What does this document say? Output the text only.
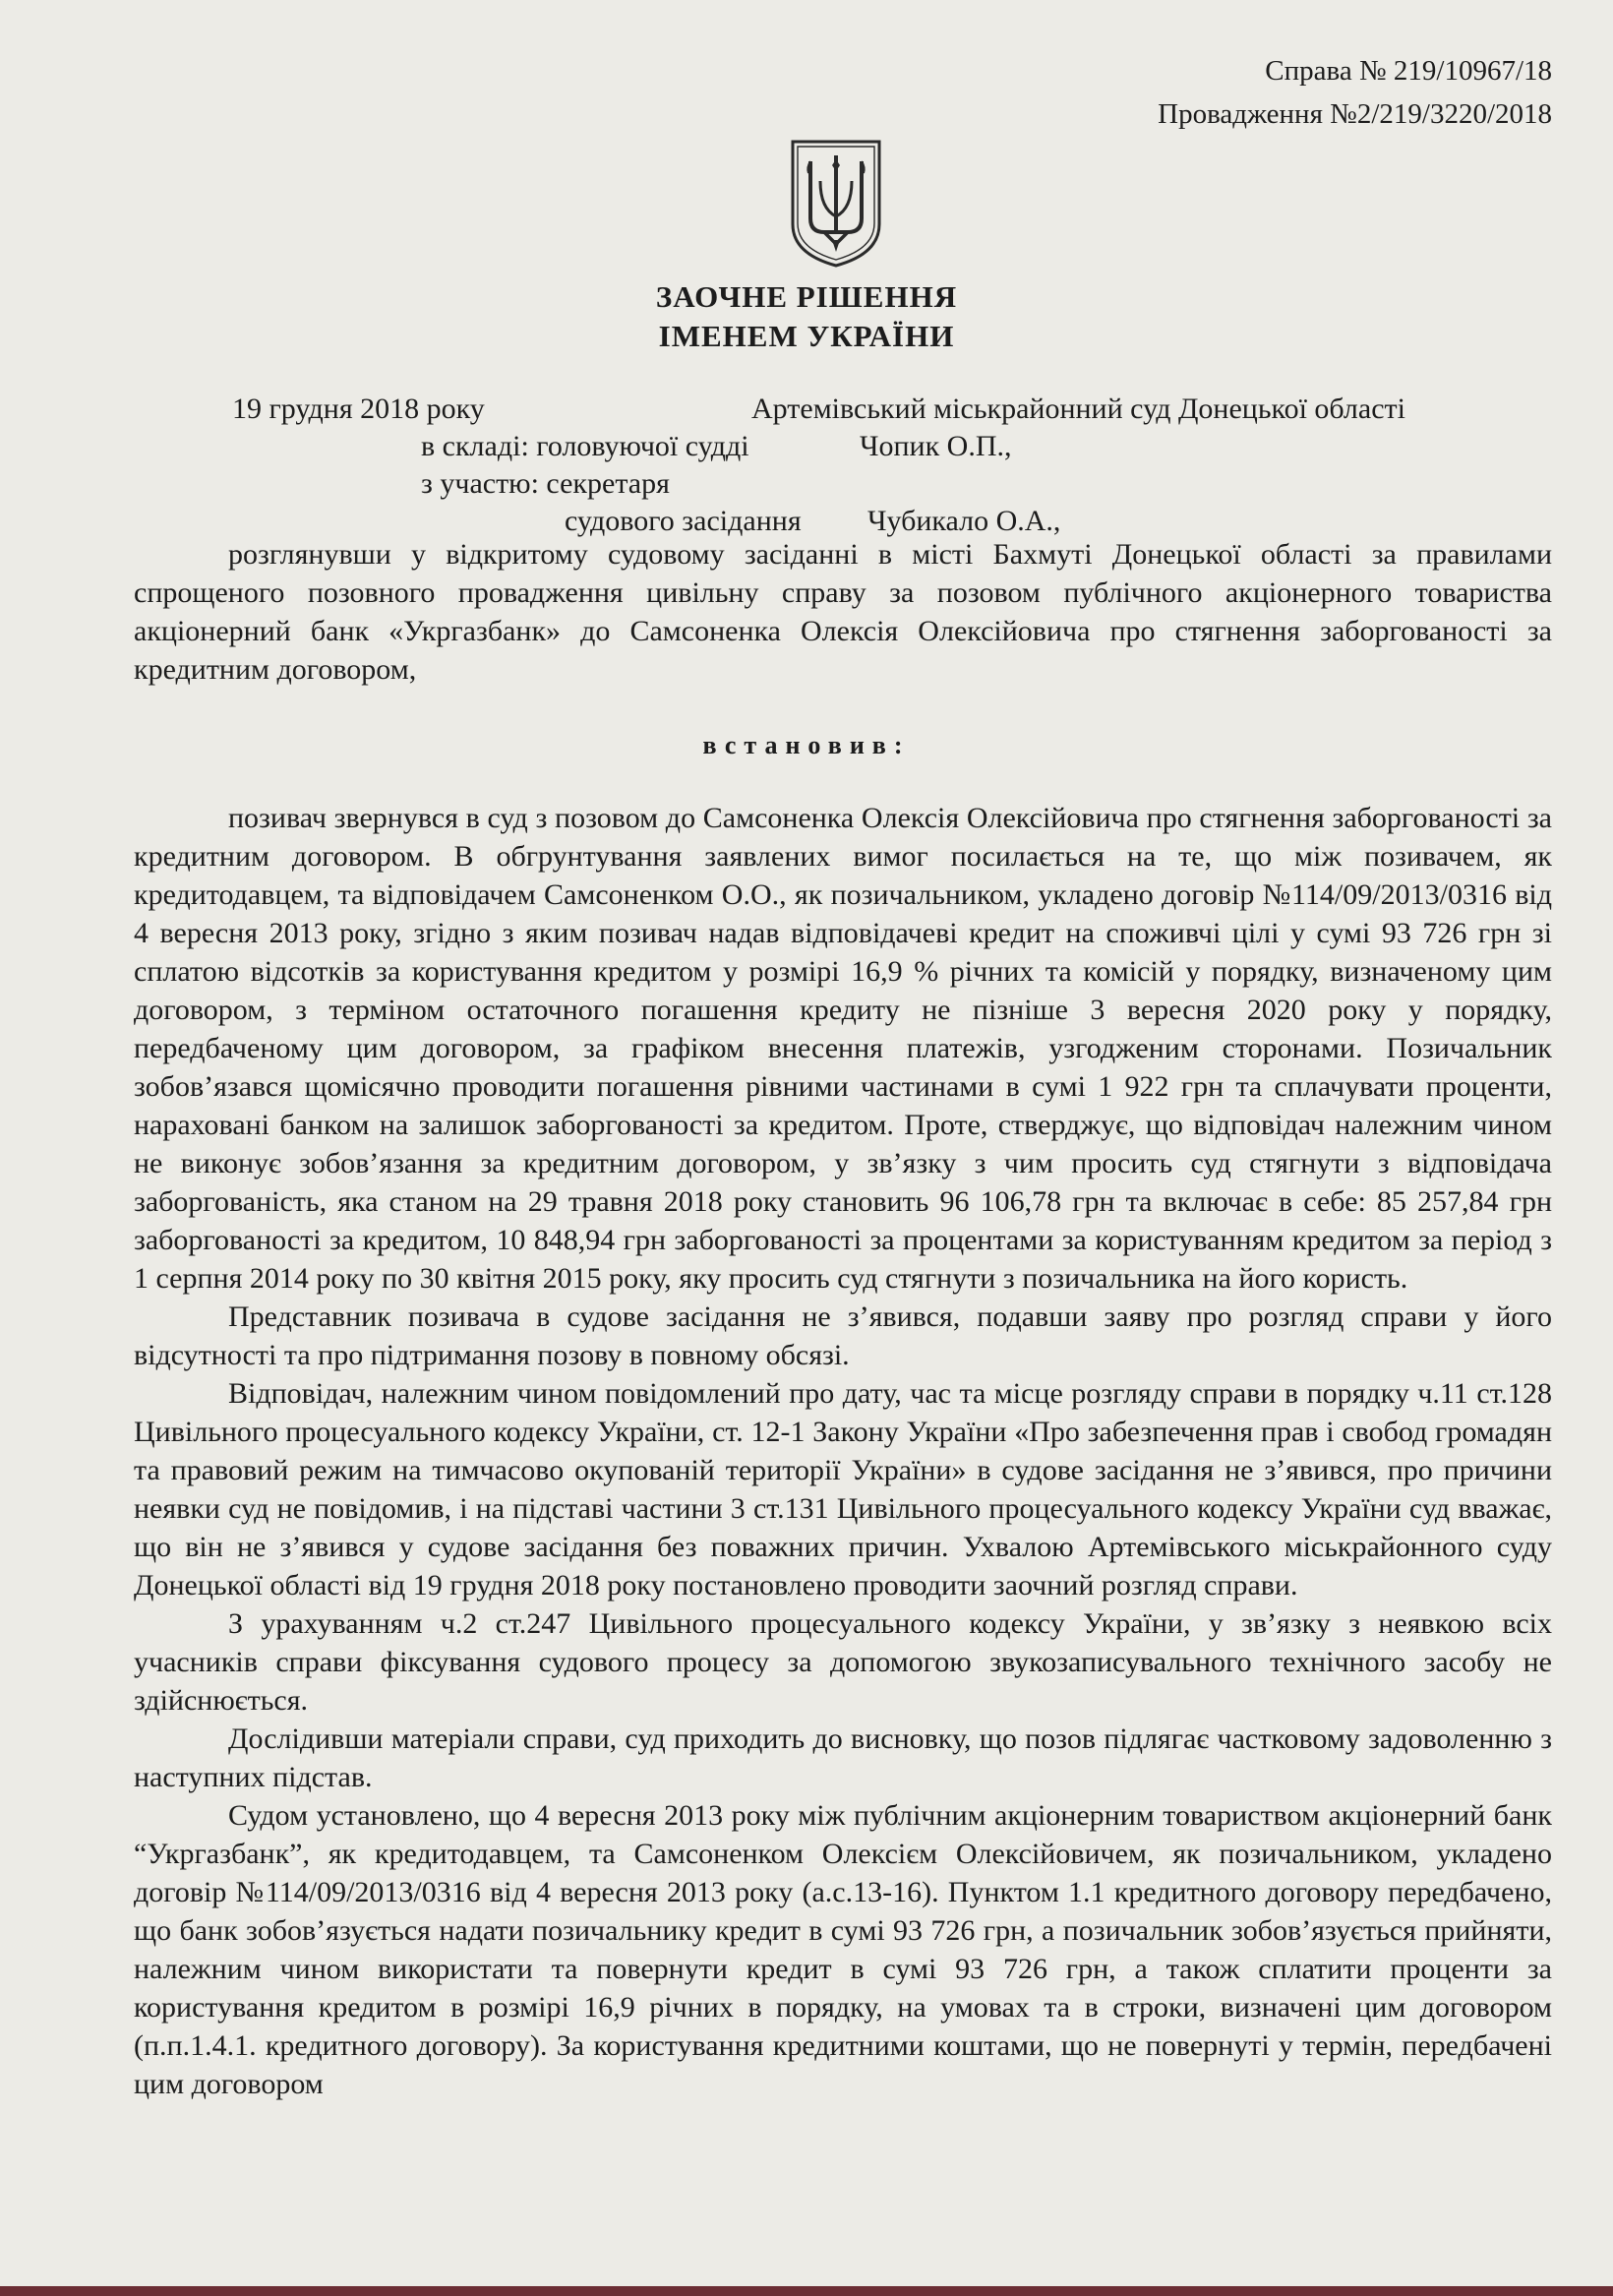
Справа № 219/10967/18
Провадження №2/219/3220/2018
ЗАОЧНЕ РІШЕННЯ
ІМЕНЕМ УКРАЇНИ
19 грудня 2018 року	Артемівський міськрайонний суд Донецької області
в складі: головуючої судді	Чопик О.П.,
з участю: секретаря
судового засідання Чубикало О.А.,

розглянувши у відкритому судовому засіданні в місті Бахмуті Донецької області за правилами спрощеного позовного провадження цивільну справу за позовом публічного акціонерного товариства акціонерний банк «Укргазбанк» до Самсоненка Олексія Олексійовича про стягнення заборгованості за кредитним договором,

встановив:

позивач звернувся в суд з позовом до Самсоненка Олексія Олексійовича про стягнення заборгованості за кредитним договором. В обгрунтування заявлених вимог посилається на те, що між позивачем, як кредитодавцем, та відповідачем Самсоненком О.О., як позичальником, укладено договір №114/09/2013/0316 від 4 вересня 2013 року, згідно з яким позивач надав відповідачеві кредит на споживчі цілі у сумі 93 726 грн зі сплатою відсотків за користування кредитом у розмірі 16,9 % річних та комісій у порядку, визначеному цим договором, з терміном остаточного погашення кредиту не пізніше 3 вересня 2020 року у порядку, передбаченому цим договором, за графіком внесення платежів, узгодженим сторонами. Позичальник зобов’язався щомісячно проводити погашення рівними частинами в сумі 1 922 грн та сплачувати проценти, нараховані банком на залишок заборгованості за кредитом. Проте, стверджує, що відповідач належним чином не виконує зобов’язання за кредитним договором, у зв’язку з чим просить суд стягнути з відповідача заборгованість, яка станом на 29 травня 2018 року становить 96 106,78 грн та включає в себе: 85 257,84 грн заборгованості за кредитом, 10 848,94 грн заборгованості за процентами за користуванням кредитом за період з 1 серпня 2014 року по 30 квітня 2015 року, яку просить суд стягнути з позичальника на його користь.

Представник позивача в судове засідання не з’явився, подавши заяву про розгляд справи у його відсутності та про підтримання позову в повному обсязі.

Відповідач, належним чином повідомлений про дату, час та місце розгляду справи в порядку ч.11 ст.128 Цивільного процесуального кодексу України, ст. 12-1 Закону України «Про забезпечення прав і свобод громадян та правовий режим на тимчасово окупованій території України» в судове засідання не з’явився, про причини неявки суд не повідомив, і на підставі частини 3 ст.131 Цивільного процесуального кодексу України суд вважає, що він не з’явився у судове засідання без поважних причин. Ухвалою Артемівського міськрайонного суду Донецької області від 19 грудня 2018 року постановлено проводити заочний розгляд справи.

З урахуванням ч.2 ст.247 Цивільного процесуального кодексу України, у зв’язку з неявкою всіх учасників справи фіксування судового процесу за допомогою звукозаписувального технічного засобу не здійснюється.

Дослідивши матеріали справи, суд приходить до висновку, що позов підлягає частковому задоволенню з наступних підстав.

Судом установлено, що 4 вересня 2013 року між публічним акціонерним товариством акціонерний банк “Укргазбанк”, як кредитодавцем, та Самсоненком Олексієм Олексійовичем, як позичальником, укладено договір №114/09/2013/0316 від 4 вересня 2013 року (а.с.13-16). Пунктом 1.1 кредитного договору передбачено, що банк зобов’язується надати позичальнику кредит в сумі 93 726 грн, а позичальник зобов’язується прийняти, належним чином використати та повернути кредит в сумі 93 726 грн, а також сплатити проценти за користування кредитом в розмірі 16,9 річних в порядку, на умовах та в строки, визначені цим договором (п.п.1.4.1. кредитного договору). За користування кредитними коштами, що не повернуті у термін, передбачені цим договором
